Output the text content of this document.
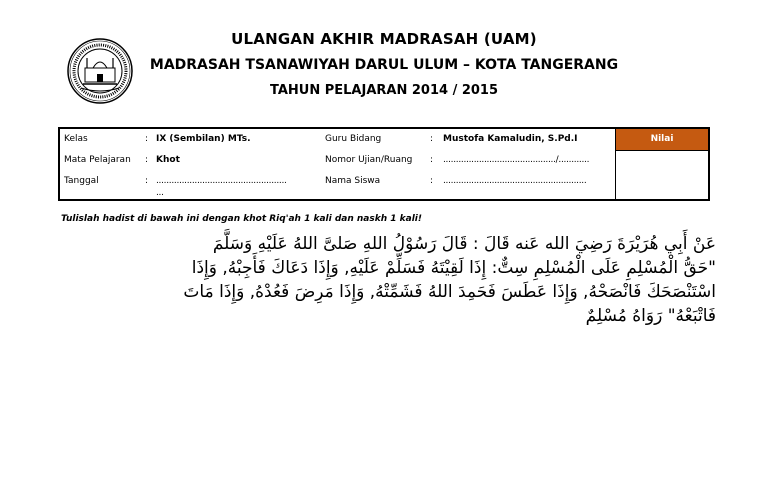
ULANGAN AKHIR MADRASAH (UAM)
MADRASAH TSANAWIYAH DARUL ULUM – KOTA TANGERANG
TAHUN PELAJARAN 2014 / 2015
Nilai
Kelas	: IX (Sembilan) MTs.
Mata Pelajaran : Khot
Tanggal	: ...................................................
...
Guru Bidang	: Mustofa Kamaludin, S.Pd.I
Nomor Ujian/Ruang : ............................................/............
Nama Siswa	: ........................................................
Tulislah hadist di bawah ini dengan khot Riq'ah 1 kali dan naskh 1 kali!
عَنْ أَبِي هُرَيْرَةَ رَضِيَ الله عَنه قَالَ : قَالَ رَسُوْلُ اللهِ صَلىَّ اللهُ عَلَيْهِ وَسَلَّمَ
"حَقُّ الْمُسْلِمِ عَلَى الْمُسْلِمِ سِتٌّ: إِذَا لَقِيْتَهُ فَسَلِّمْ عَلَيْهِ, وَإِذَا دَعَاكَ فَأَجِبْهُ, وَإِذَا
اسْتَنْصَحَكَ فَانْصَحْهُ, وَإِذَا عَطَسَ فَحَمِدَ اللهُ فَشَمِّتْهُ, وَإِذَا مَرِضَ فَعُدْهُ, وَإِذَا مَاتَ
فَاتْبَعْهُ" رَوَاهُ مُسْلِمٌ
